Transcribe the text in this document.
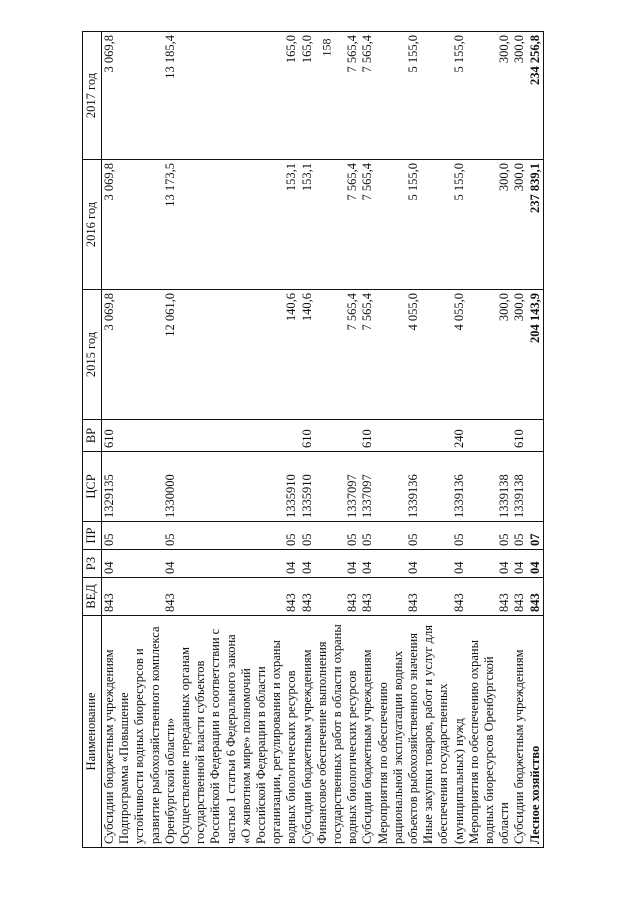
158
Наименование	ВЕД	РЗ	ПР	ЦСР	ВР	2015 год	2016 год	2017 год
Субсидии бюджетным учреждениям	843	04	05	1329135	610	3 069,8	3 069,8	3 069,8
Подпрограмма «Повышение устойчивости водных биоресурсов и развитие рыбохозяйственного комплекса Оренбургской области»	843	04	05	1330000		12 061,0	13 173,5	13 185,4
Осуществление переданных органам государственной власти субъектов Российской Федерации в соответствии с частью 1 статьи 6 Федерального закона «О животном мире» полномочий Российской Федерации в области организации, регулирования и охраны водных биологических ресурсов	843	04	05	1335910		140,6	153,1	165,0
Субсидии бюджетным учреждениям	843	04	05	1335910	610	140,6	153,1	165,0
Финансовое обеспечение выполнения государственных работ в области охраны водных биологических ресурсов	843	04	05	1337097		7 565,4	7 565,4	7 565,4
Субсидии бюджетным учреждениям	843	04	05	1337097	610	7 565,4	7 565,4	7 565,4
Мероприятия по обеспечению рациональной эксплуатации водных объектов рыбохозяйственного значения	843	04	05	1339136		4 055,0	5 155,0	5 155,0
Иные закупки товаров, работ и услуг для обеспечения государственных (муниципальных) нужд	843	04	05	1339136	240	4 055,0	5 155,0	5 155,0
Мероприятия по обеспечению охраны водных биоресурсов Оренбургской области	843	04	05	1339138		300,0	300,0	300,0
Субсидии бюджетным учреждениям	843	04	05	1339138	610	300,0	300,0	300,0
Лесное хозяйство	843	04	07			204 143,9	237 839,1	234 256,8
